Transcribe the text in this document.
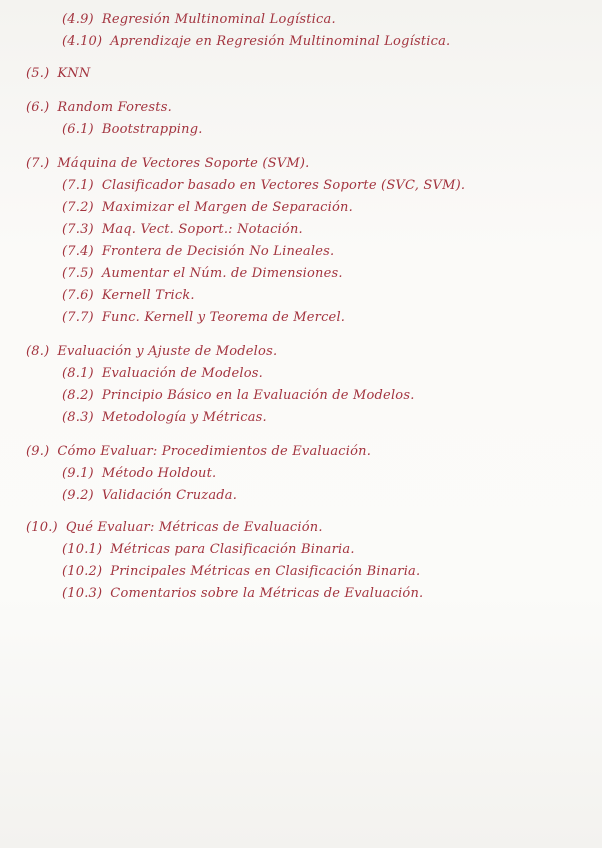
(4.9) Regresión Multinominal Logística.
(4.10) Aprendizaje en Regresión Multinominal Logística.
(5.) KNN
(6.) Random Forests.
(6.1) Bootstrapping.
(7.) Máquina de Vectores Soporte (SVM).
(7.1) Clasificador basado en Vectores Soporte (SVC, SVM).
(7.2) Maximizar el Margen de Separación.
(7.3) Maq. Vect. Soport.: Notación.
(7.4) Frontera de Decisión No Lineales.
(7.5) Aumentar el Núm. de Dimensiones.
(7.6) Kernell Trick.
(7.7) Func. Kernell y Teorema de Mercel.
(8.) Evaluación y Ajuste de Modelos.
(8.1) Evaluación de Modelos.
(8.2) Principio Básico en la Evaluación de Modelos.
(8.3) Metodología y Métricas.
(9.) Cómo Evaluar: Procedimientos de Evaluación.
(9.1) Método Holdout.
(9.2) Validación Cruzada.
(10.) Qué Evaluar: Métricas de Evaluación.
(10.1) Métricas para Clasificación Binaria.
(10.2) Principales Métricas en Clasificación Binaria.
(10.3) Comentarios sobre la Métricas de Evaluación.
